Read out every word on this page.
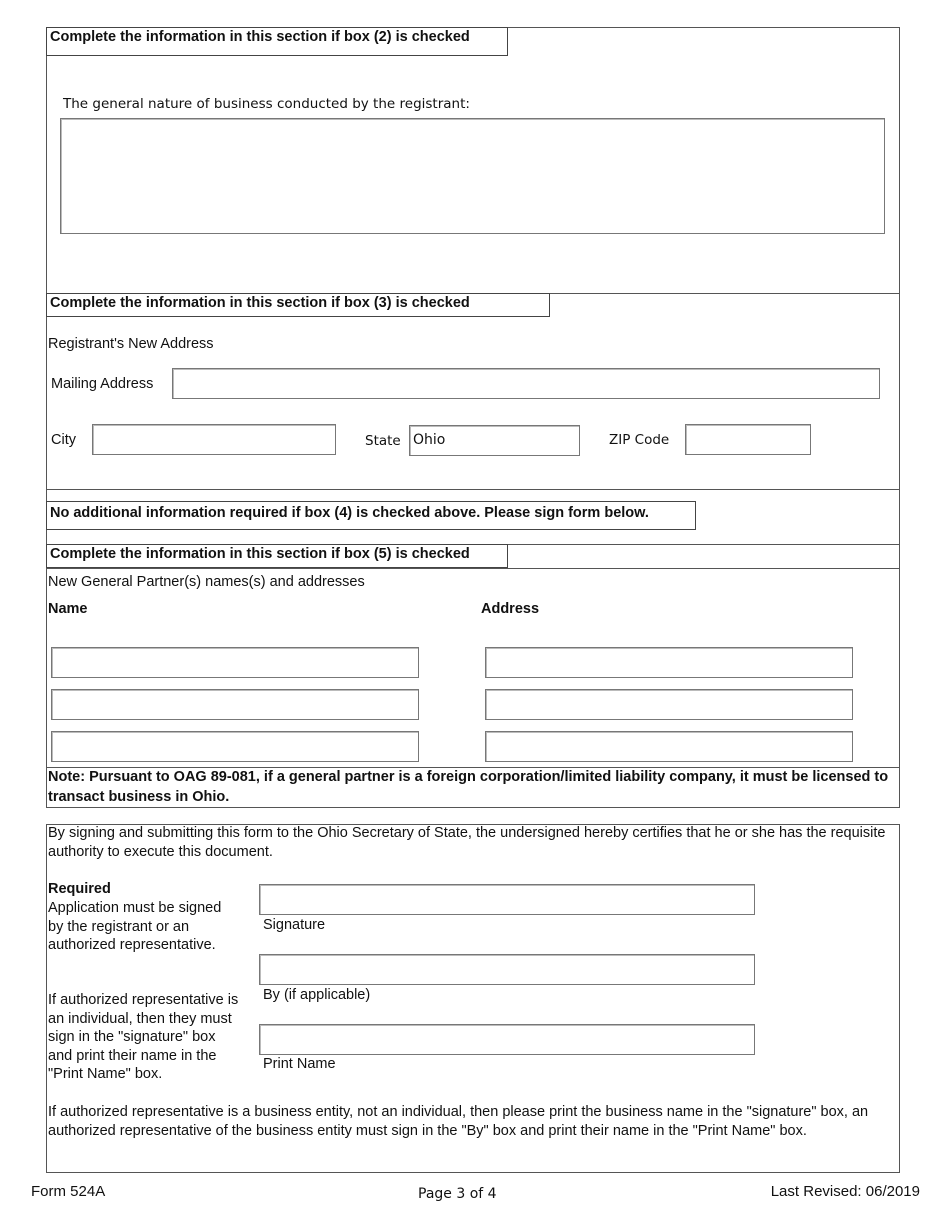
Complete the information in this section if box (2) is checked
The general nature of business conducted by the registrant:
Complete the information in this section if box (3) is checked
Registrant's New Address
Mailing Address
City	State Ohio	ZIP Code
No additional information required if box (4) is checked above. Please sign form below.
Complete the information in this section if box (5) is checked
New General Partner(s) names(s) and addresses
Name	Address
Note: Pursuant to OAG 89-081, if a general partner is a foreign corporation/limited liability company, it must be licensed to transact business in Ohio.
By signing and submitting this form to the Ohio Secretary of State, the undersigned hereby certifies that he or she has the requisite authority to execute this document.
Required
Application must be signed by the registrant or an authorized representative.
If authorized representative is an individual, then they must sign in the "signature" box and print their name in the "Print Name" box.
Signature
By (if applicable)
Print Name
If authorized representative is a business entity, not an individual, then please print the business name in the "signature" box, an authorized representative of the business entity must sign in the "By" box and print their name in the "Print Name" box.
Form 524A	Page 3 of 4	Last Revised: 06/2019
